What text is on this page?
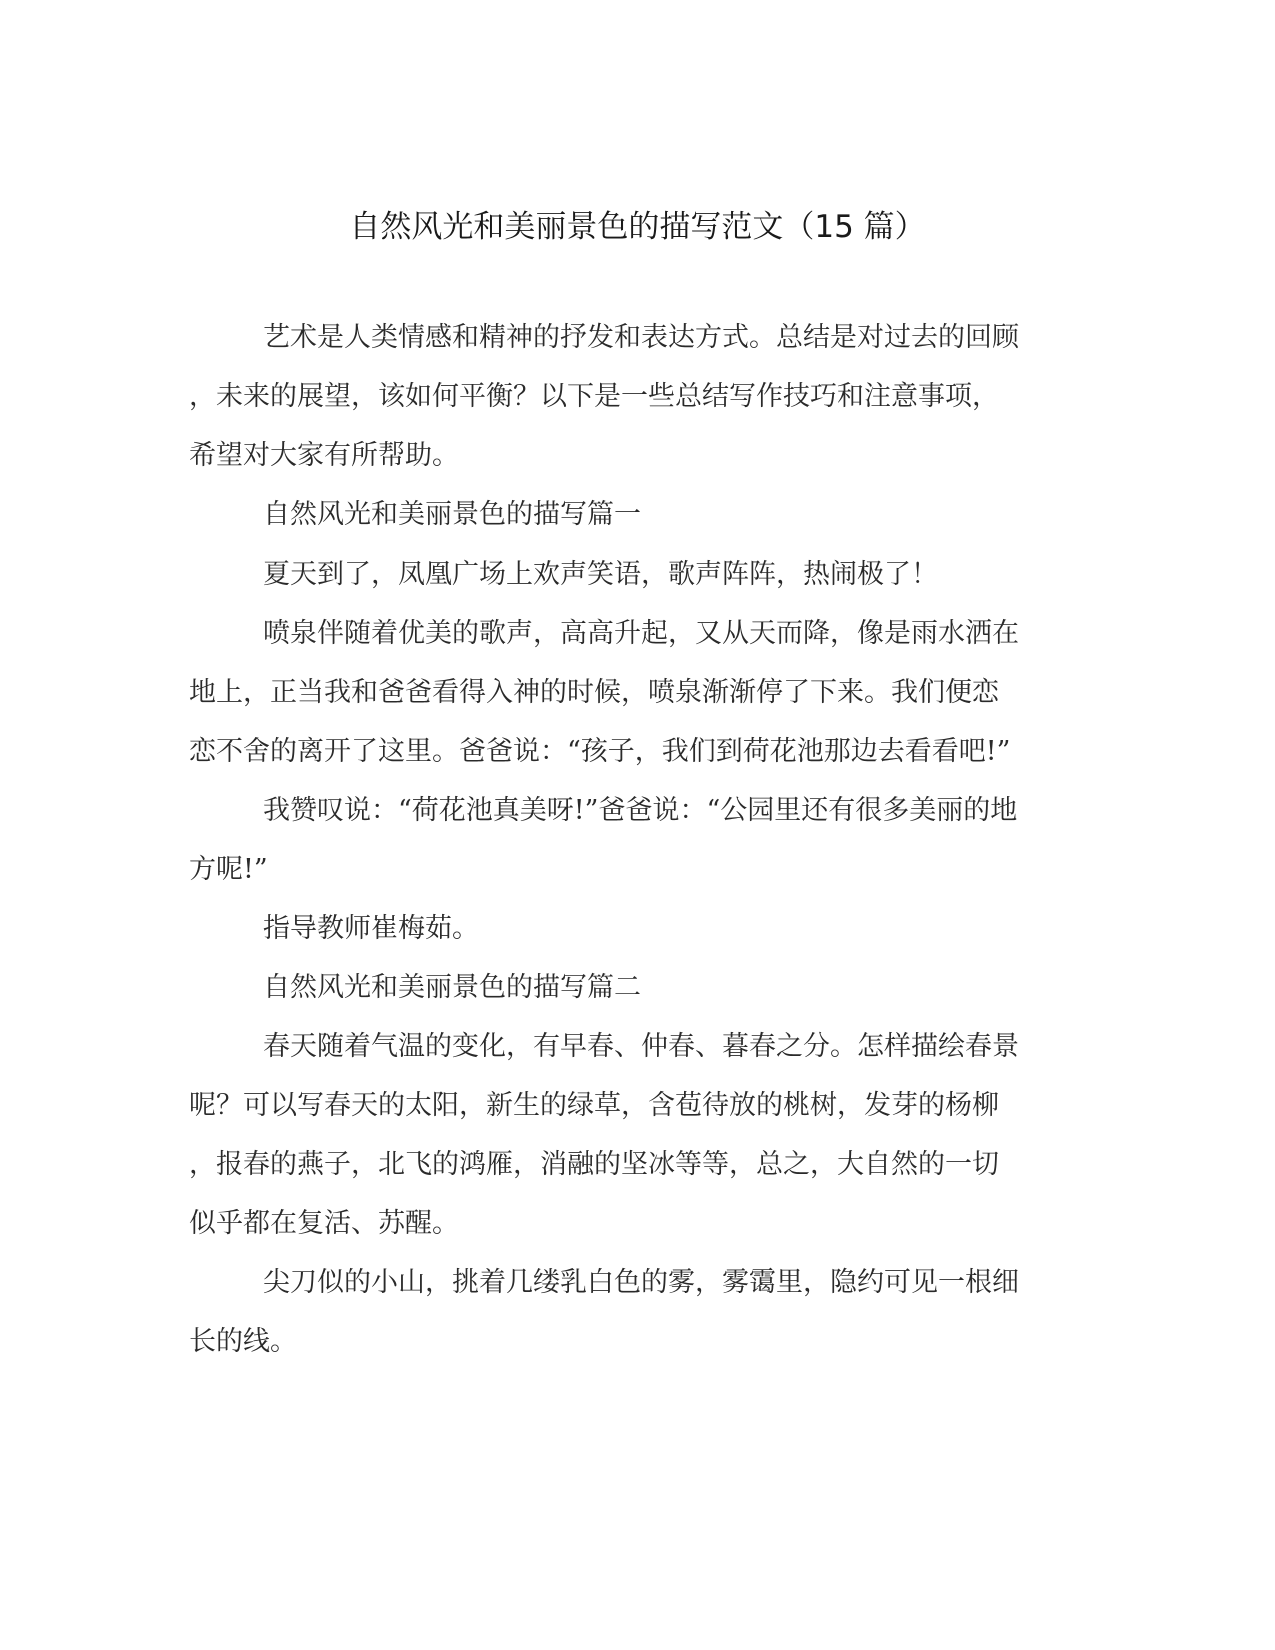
自然风光和美丽景色的描写范文（15 篇）
艺术是人类情感和精神的抒发和表达方式。总结是对过去的回顾
，未来的展望，该如何平衡？以下是一些总结写作技巧和注意事项，
希望对大家有所帮助。
自然风光和美丽景色的描写篇一
夏天到了，凤凰广场上欢声笑语，歌声阵阵，热闹极了！
喷泉伴随着优美的歌声，高高升起，又从天而降，像是雨水洒在
地上，正当我和爸爸看得入神的时候，喷泉渐渐停了下来。我们便恋
恋不舍的离开了这里。爸爸说：“孩子，我们到荷花池那边去看看吧!”
我赞叹说：“荷花池真美呀!”爸爸说：“公园里还有很多美丽的地
方呢!”
指导教师崔梅茹。
自然风光和美丽景色的描写篇二
春天随着气温的变化，有早春、仲春、暮春之分。怎样描绘春景
呢？可以写春天的太阳，新生的绿草，含苞待放的桃树，发芽的杨柳
，报春的燕子，北飞的鸿雁，消融的坚冰等等，总之，大自然的一切
似乎都在复活、苏醒。
尖刀似的小山，挑着几缕乳白色的雾，雾霭里，隐约可见一根细
长的线。
